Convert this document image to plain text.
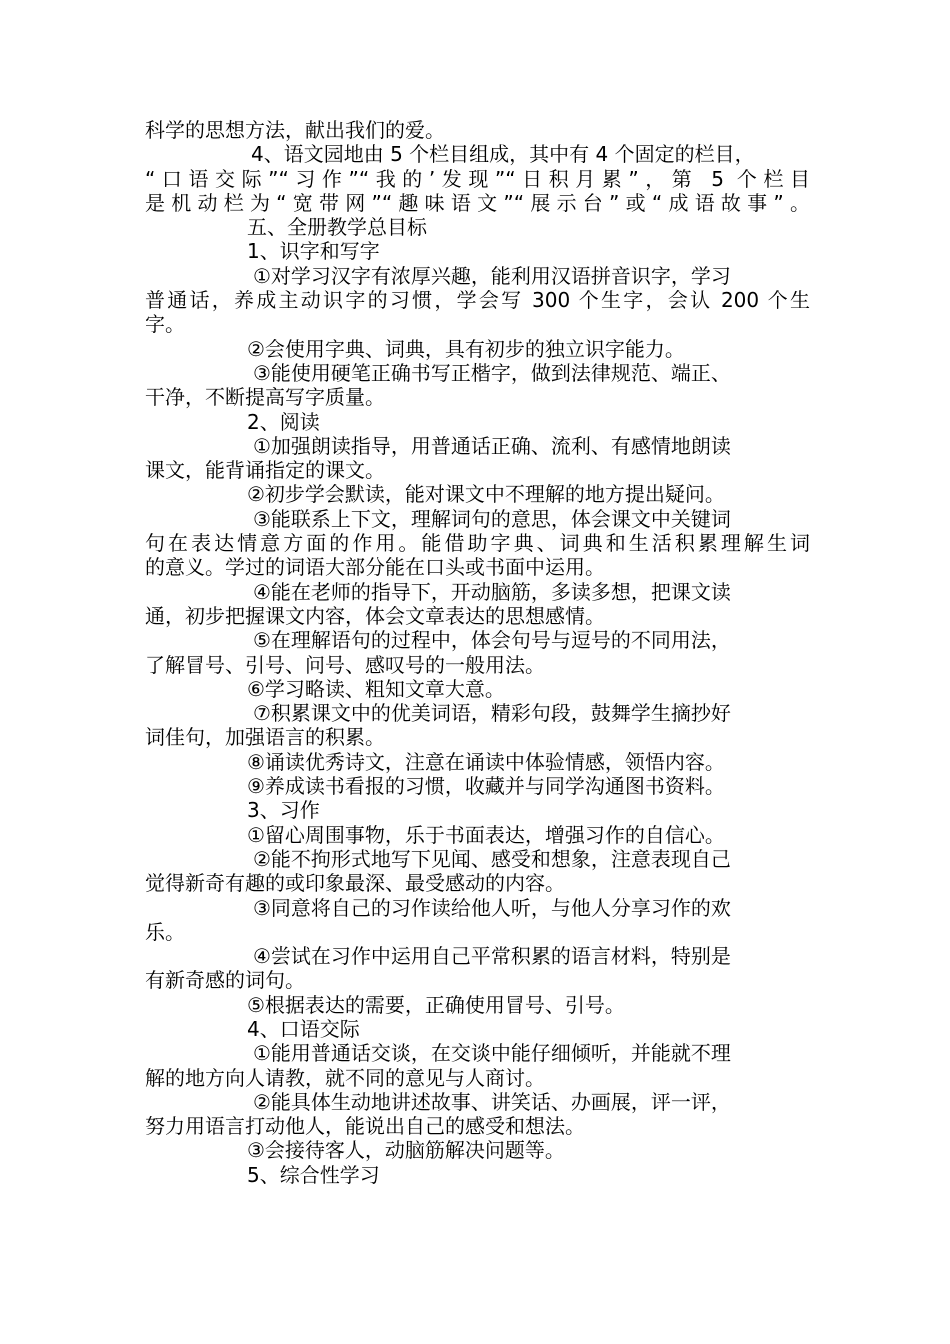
科学的思想方法，献出我们的爱。
4、语文园地由 5 个栏目组成，其中有 4 个固定的栏目，
“口语交际”“习作”“我的’发现”“日积月累”，第 5 个栏目
是机动栏为“宽带网”“趣味语文”“展示台”或“成语故事”。
五、全册教学总目标
1、识字和写字
①对学习汉字有浓厚兴趣，能利用汉语拼音识字，学习
普通话，养成主动识字的习惯，学会写 300 个生字，会认 200 个生
字。
②会使用字典、词典，具有初步的独立识字能力。
③能使用硬笔正确书写正楷字，做到法律规范、端正、
干净，不断提高写字质量。
2、阅读
①加强朗读指导，用普通话正确、流利、有感情地朗读
课文，能背诵指定的课文。
②初步学会默读，能对课文中不理解的地方提出疑问。
③能联系上下文，理解词句的意思，体会课文中关键词
句在表达情意方面的作用。能借助字典、词典和生活积累理解生词
的意义。学过的词语大部分能在口头或书面中运用。
④能在老师的指导下，开动脑筋，多读多想，把课文读
通，初步把握课文内容，体会文章表达的思想感情。
⑤在理解语句的过程中，体会句号与逗号的不同用法，
了解冒号、引号、问号、感叹号的一般用法。
⑥学习略读、粗知文章大意。
⑦积累课文中的优美词语，精彩句段，鼓舞学生摘抄好
词佳句，加强语言的积累。
⑧诵读优秀诗文，注意在诵读中体验情感，领悟内容。
⑨养成读书看报的习惯，收藏并与同学沟通图书资料。
3、习作
①留心周围事物，乐于书面表达，增强习作的自信心。
②能不拘形式地写下见闻、感受和想象，注意表现自己
觉得新奇有趣的或印象最深、最受感动的内容。
③同意将自己的习作读给他人听，与他人分享习作的欢
乐。
④尝试在习作中运用自己平常积累的语言材料，特别是
有新奇感的词句。
⑤根据表达的需要，正确使用冒号、引号。
4、口语交际
①能用普通话交谈，在交谈中能仔细倾听，并能就不理
解的地方向人请教，就不同的意见与人商讨。
②能具体生动地讲述故事、讲笑话、办画展，评一评，
努力用语言打动他人，能说出自己的感受和想法。
③会接待客人，动脑筋解决问题等。
5、综合性学习
